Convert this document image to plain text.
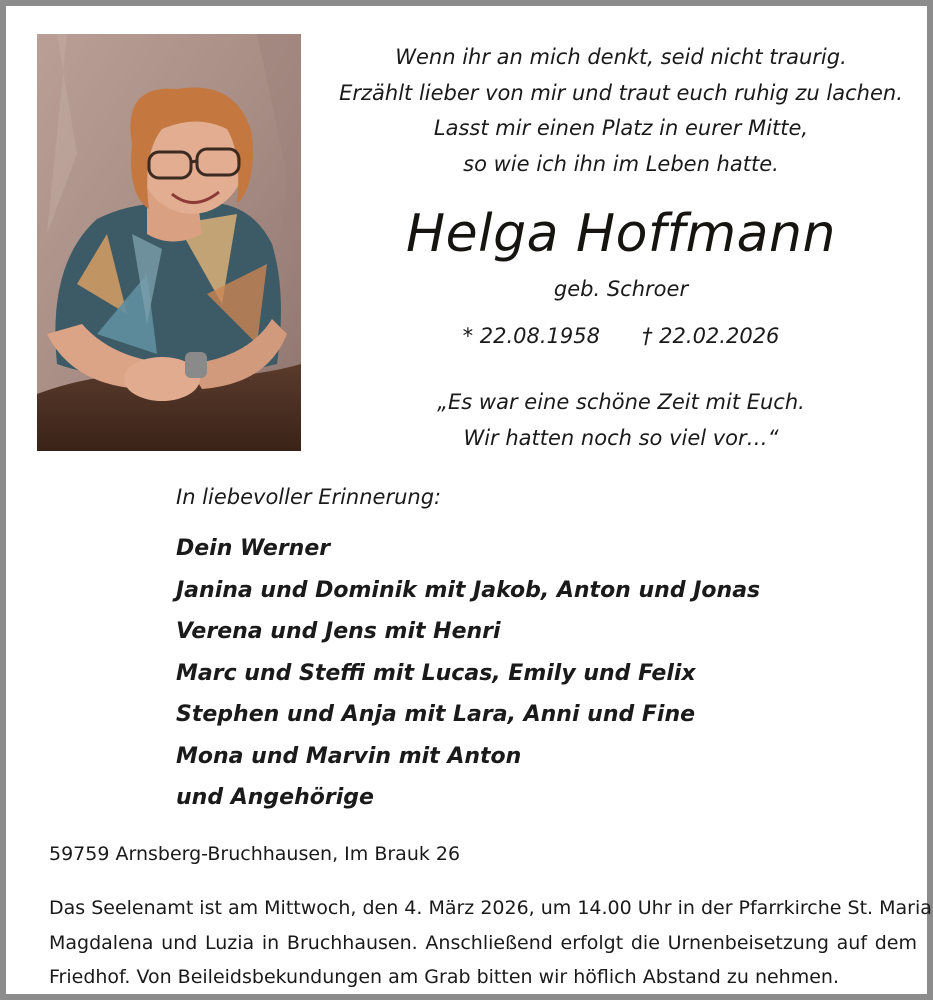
Wenn ihr an mich denkt, seid nicht traurig.
Erzählt lieber von mir und traut euch ruhig zu lachen.
Lasst mir einen Platz in eurer Mitte,
so wie ich ihn im Leben hatte.
Helga Hoffmann
geb. Schroer
* 22.08.1958 † 22.02.2026
„Es war eine schöne Zeit mit Euch.
Wir hatten noch so viel vor…“
In liebevoller Erinnerung:
Dein Werner
Janina und Dominik mit Jakob, Anton und Jonas
Verena und Jens mit Henri
Marc und Steffi mit Lucas, Emily und Felix
Stephen und Anja mit Lara, Anni und Fine
Mona und Marvin mit Anton
und Angehörige
59759 Arnsberg-Bruchhausen, Im Brauk 26
Das Seelenamt ist am Mittwoch, den 4. März 2026, um 14.00 Uhr in der Pfarrkirche St. Maria
Magdalena und Luzia in Bruchhausen. Anschließend erfolgt die Urnenbeisetzung auf dem
Friedhof. Von Beileidsbekundungen am Grab bitten wir höflich Abstand zu nehmen.
